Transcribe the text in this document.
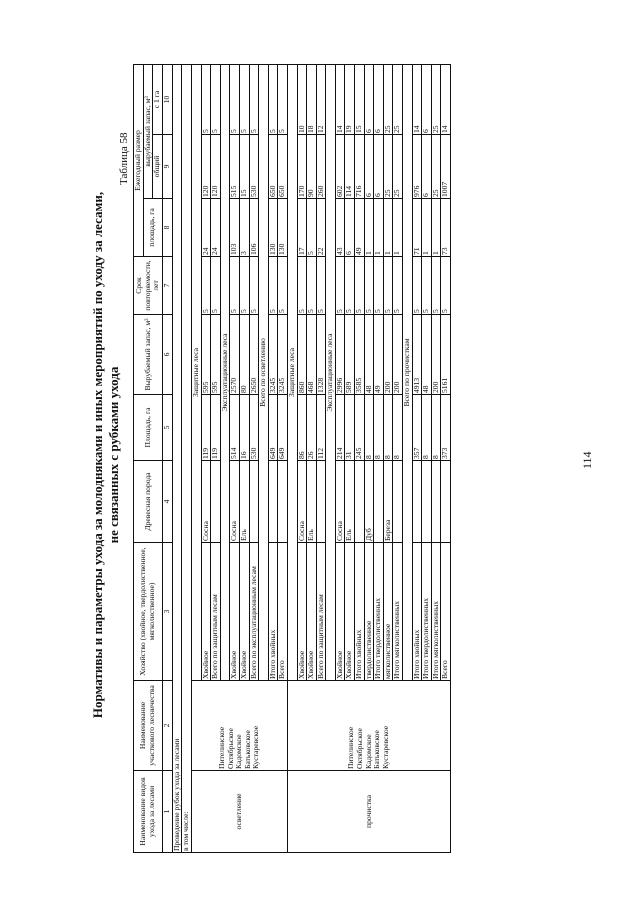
Нормативы и параметры ухода за молодняками и иных мероприятий по уходу за лесами, не связанных с рубками ухода
Таблица 58
Наименование видов ухода за лесами	Наименование участкового лесничества	Хозяйство (хвойное, твердолиственное, мягколиственное)	Древесная порода	Площадь, га	Вырубаемый запас, м³	Срок повторяемости, лет	Ежегодный размер		
							площадь, га	вырубаемый запас, м³	
								общий	с 1 га
1	2	3	4	5	6	7	8	9	10
Проведение рубок ухода за лесами									
в том числе:									
осветление	Пителинское Октябрьское Кадомское Батьковское Кустаревское	Защитные леса							
		Хвойное	Сосна	119	595	5	24	120	5
		Всего по защитным лесам		119	595	5	24	120	5
		Эксплуатационные леса							
		Хвойное	Сосна	514	2570	5	103	515	5
		Хвойное	Ель	16	80	5	3	15	5
		Всего по эксплуатационным лесам		530	2650	5	106	530	5
		Всего по осветлению							
		Итого хвойных		649	3245	5	130	650	5
		Всего		649	3245	5	130	650	5
прочистка	Пителинское Октябрьское Кадомское Батьковское Кустаревское	Защитные леса							
		Хвойное	Сосна	86	860	5	17	170	10
		Хвойное	Ель	26	468	5	5	90	18
		Всего по защитным лесам		112	1328	5	22	260	12
		Эксплуатационные леса							
		Хвойное	Сосна	214	2996	5	43	602	14
		Хвойное	Ель	31	589	5	6	114	19
		Итого хвойных		245	3585	5	49	716	15
		твердолиственное	Дуб	8	48	5	1	6	6
		Итого твердолиственных		8	49	5	1	6	6
		мягколиственное	Береза	8	200	5	1	25	25
		Итого мягколиственных		8	200	5	1	25	25
		Всего по прочисткам							
		Итого хвойных		357	4913	5	71	976	14
		Итого твердолиственных		8	48	5	1	6	6
		Итого мягколиственных		8	200	5	1	25	25
		Всего		373	5161	5	73	1007	14
114
